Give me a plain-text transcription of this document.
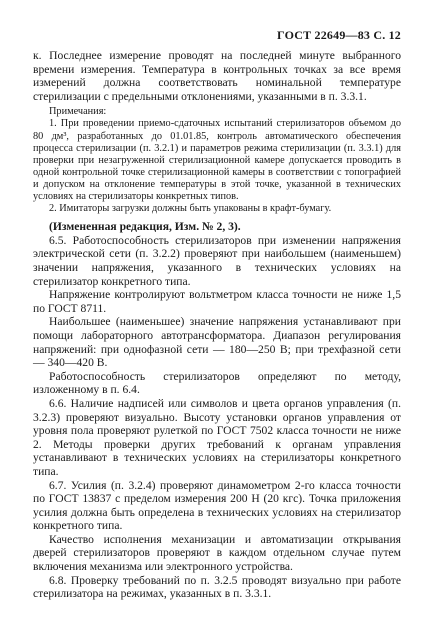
ГОСТ 22649—83 С. 12

к. Последнее измерение проводят на последней минуте выбранного времени измерения. Температура в контрольных точках за все время измерений должна соответствовать номинальной температуре стерилизации с предельными отклонениями, указанными в п. 3.3.1.

Примечания:

1. При проведении приемо-сдаточных испытаний стерилизаторов объемом до 80 дм³, разработанных до 01.01.85, контроль автоматического обеспечения процесса стерилизации (п. 3.2.1) и параметров режима стерилизации (п. 3.3.1) для проверки при незагруженной стерилизационной камере допускается проводить в одной контрольной точке стерилизационной камеры в соответствии с топографией и допуском на отклонение температуры в этой точке, указанной в технических условиях на стерилизаторы конкретных типов.

2. Имитаторы загрузки должны быть упакованы в крафт-бумагу.

(Измененная редакция, Изм. № 2, 3).

6.5. Работоспособность стерилизаторов при изменении напряжения электрической сети (п. 3.2.2) проверяют при наибольшем (наименьшем) значении напряжения, указанного в технических условиях на стерилизатор конкретного типа.

Напряжение контролируют вольтметром класса точности не ниже 1,5 по ГОСТ 8711.

Наибольшее (наименьшее) значение напряжения устанавливают при помощи лабораторного автотрансформатора. Диапазон регулирования напряжений: при однофазной сети — 180—250 В; при трехфазной сети — 340—420 В.

Работоспособность стерилизаторов определяют по методу, изложенному в п. 6.4.

6.6. Наличие надписей или символов и цвета органов управления (п. 3.2.3) проверяют визуально. Высоту установки органов управления от уровня пола проверяют рулеткой по ГОСТ 7502 класса точности не ниже 2. Методы проверки других требований к органам управления устанавливают в технических условиях на стерилизаторы конкретного типа.

6.7. Усилия (п. 3.2.4) проверяют динамометром 2-го класса точности по ГОСТ 13837 с пределом измерения 200 Н (20 кгс). Точка приложения усилия должна быть определена в технических условиях на стерилизатор конкретного типа.

Качество исполнения механизации и автоматизации открывания дверей стерилизаторов проверяют в каждом отдельном случае путем включения механизма или электронного устройства.

6.8. Проверку требований по п. 3.2.5 проводят визуально при работе стерилизатора на режимах, указанных в п. 3.3.1.
